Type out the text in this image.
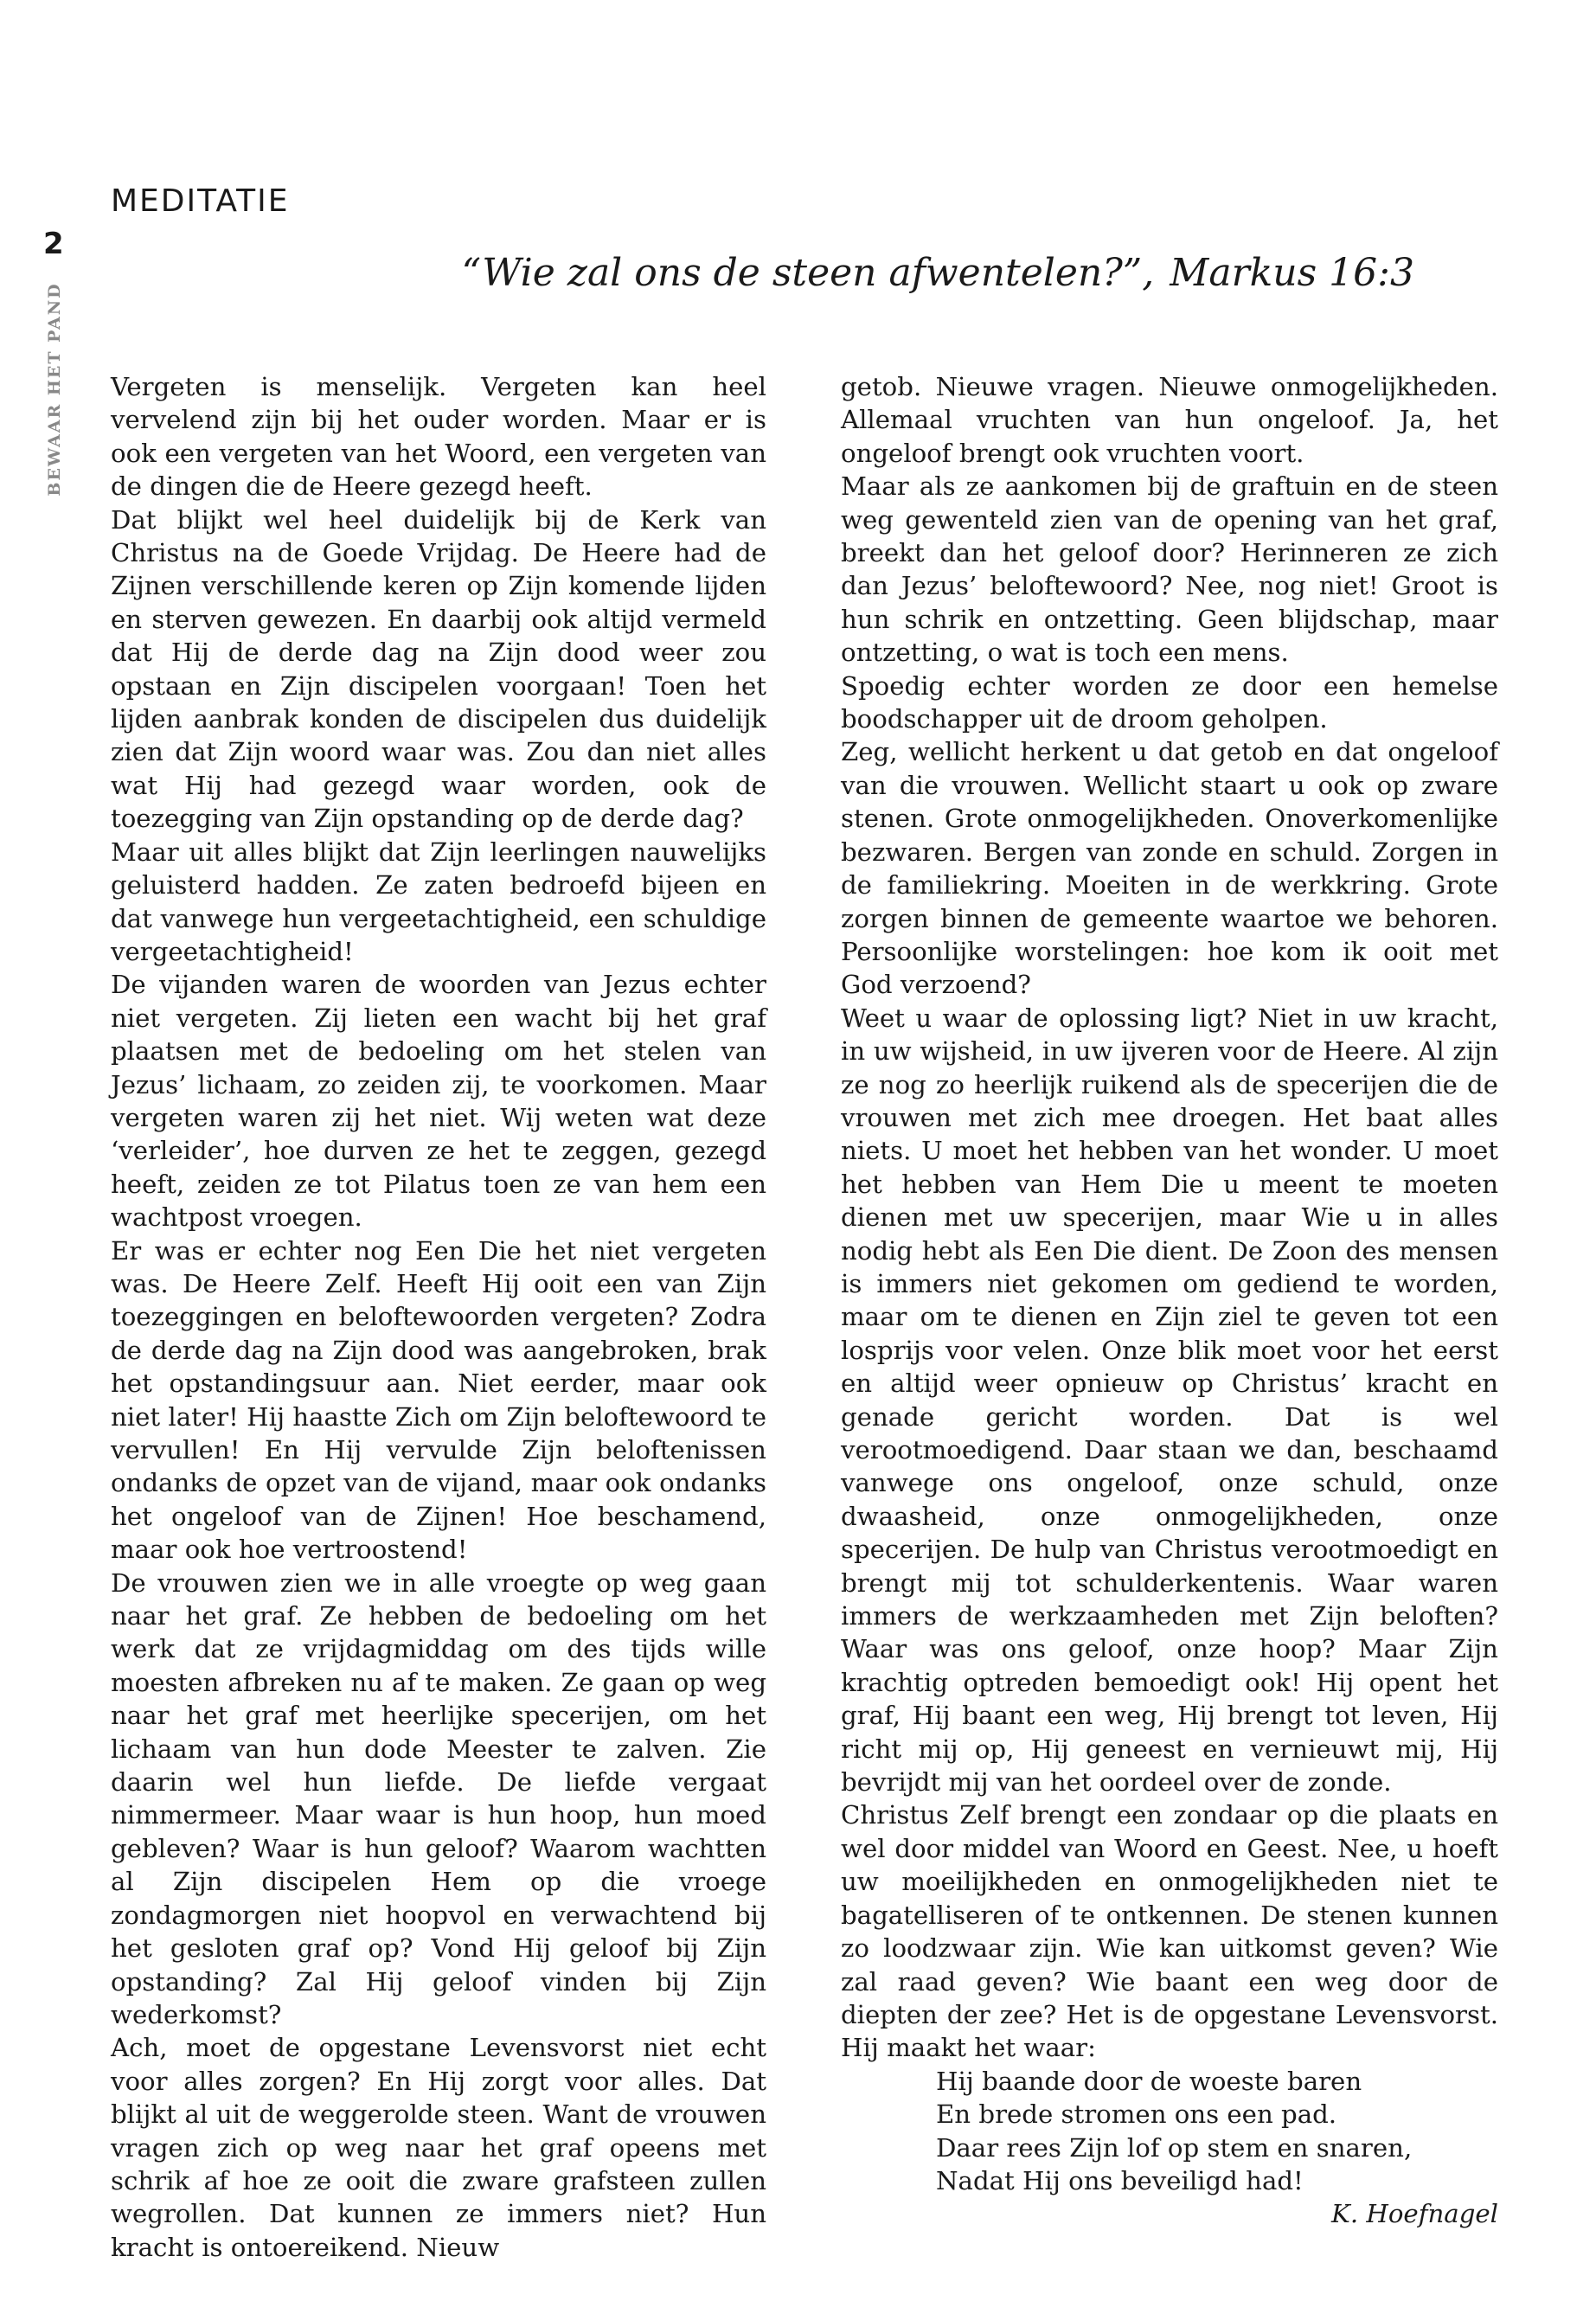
2
BEWAAR HET PAND
MEDITATIE
“Wie zal ons de steen afwentelen?”, Markus 16:3

Vergeten is menselijk. Vergeten kan heel vervelend zijn bij het ouder worden. Maar er is ook een vergeten van het Woord, een vergeten van de dingen die de Heere gezegd heeft.

Dat blijkt wel heel duidelijk bij de Kerk van Christus na de Goede Vrijdag. De Heere had de Zijnen verschillende keren op Zijn komende lijden en sterven gewezen. En daarbij ook altijd vermeld dat Hij de derde dag na Zijn dood weer zou opstaan en Zijn discipelen voorgaan! Toen het lijden aanbrak konden de discipelen dus duidelijk zien dat Zijn woord waar was. Zou dan niet alles wat Hij had gezegd waar worden, ook de toezegging van Zijn opstanding op de derde dag?

Maar uit alles blijkt dat Zijn leerlingen nauwelijks geluisterd hadden. Ze zaten bedroefd bijeen en dat vanwege hun vergeetachtigheid, een schuldige vergeetachtigheid!

De vijanden waren de woorden van Jezus echter niet vergeten. Zij lieten een wacht bij het graf plaatsen met de bedoeling om het stelen van Jezus’ lichaam, zo zeiden zij, te voorkomen. Maar vergeten waren zij het niet. Wij weten wat deze ‘verleider’, hoe durven ze het te zeggen, gezegd heeft, zeiden ze tot Pilatus toen ze van hem een wachtpost vroegen.

Er was er echter nog Een Die het niet vergeten was. De Heere Zelf. Heeft Hij ooit een van Zijn toezeggingen en beloftewoorden vergeten? Zodra de derde dag na Zijn dood was aangebroken, brak het opstandingsuur aan. Niet eerder, maar ook niet later! Hij haastte Zich om Zijn beloftewoord te vervullen! En Hij vervulde Zijn beloftenissen ondanks de opzet van de vijand, maar ook ondanks het ongeloof van de Zijnen! Hoe beschamend, maar ook hoe vertroostend!

De vrouwen zien we in alle vroegte op weg gaan naar het graf. Ze hebben de bedoeling om het werk dat ze vrijdagmiddag om des tijds wille moesten afbreken nu af te maken. Ze gaan op weg naar het graf met heerlijke specerijen, om het lichaam van hun dode Meester te zalven. Zie daarin wel hun liefde. De liefde vergaat nimmermeer. Maar waar is hun hoop, hun moed gebleven? Waar is hun geloof? Waarom wachtten al Zijn discipelen Hem op die vroege zondagmorgen niet hoopvol en verwachtend bij het gesloten graf op? Vond Hij geloof bij Zijn opstanding? Zal Hij geloof vinden bij Zijn wederkomst?

Ach, moet de opgestane Levensvorst niet echt voor alles zorgen? En Hij zorgt voor alles. Dat blijkt al uit de weggerolde steen. Want de vrouwen vragen zich op weg naar het graf opeens met schrik af hoe ze ooit die zware grafsteen zullen wegrollen. Dat kunnen ze immers niet? Hun kracht is ontoereikend. Nieuw

getob. Nieuwe vragen. Nieuwe onmogelijkheden. Allemaal vruchten van hun ongeloof. Ja, het ongeloof brengt ook vruchten voort.

Maar als ze aankomen bij de graftuin en de steen weg gewenteld zien van de opening van het graf, breekt dan het geloof door? Herinneren ze zich dan Jezus’ beloftewoord? Nee, nog niet! Groot is hun schrik en ontzetting. Geen blijdschap, maar ontzetting, o wat is toch een mens.

Spoedig echter worden ze door een hemelse boodschapper uit de droom geholpen.

Zeg, wellicht herkent u dat getob en dat ongeloof van die vrouwen. Wellicht staart u ook op zware stenen. Grote onmogelijkheden. Onoverkomenlijke bezwaren. Bergen van zonde en schuld. Zorgen in de familiekring. Moeiten in de werkkring. Grote zorgen binnen de gemeente waartoe we behoren. Persoonlijke worstelingen: hoe kom ik ooit met God verzoend?

Weet u waar de oplossing ligt? Niet in uw kracht, in uw wijsheid, in uw ijveren voor de Heere. Al zijn ze nog zo heerlijk ruikend als de specerijen die de vrouwen met zich mee droegen. Het baat alles niets. U moet het hebben van het wonder. U moet het hebben van Hem Die u meent te moeten dienen met uw specerijen, maar Wie u in alles nodig hebt als Een Die dient. De Zoon des mensen is immers niet gekomen om gediend te worden, maar om te dienen en Zijn ziel te geven tot een losprijs voor velen. Onze blik moet voor het eerst en altijd weer opnieuw op Christus’ kracht en genade gericht worden. Dat is wel verootmoedigend. Daar staan we dan, beschaamd vanwege ons ongeloof, onze schuld, onze dwaasheid, onze onmogelijkheden, onze specerijen. De hulp van Christus verootmoedigt en brengt mij tot schulderkentenis. Waar waren immers de werkzaamheden met Zijn beloften? Waar was ons geloof, onze hoop? Maar Zijn krachtig optreden bemoedigt ook! Hij opent het graf, Hij baant een weg, Hij brengt tot leven, Hij richt mij op, Hij geneest en vernieuwt mij, Hij bevrijdt mij van het oordeel over de zonde.

Christus Zelf brengt een zondaar op die plaats en wel door middel van Woord en Geest. Nee, u hoeft uw moeilijkheden en onmogelijkheden niet te bagatelliseren of te ontkennen. De stenen kunnen zo loodzwaar zijn. Wie kan uitkomst geven? Wie zal raad geven? Wie baant een weg door de diepten der zee? Het is de opgestane Levensvorst. Hij maakt het waar:

Hij baande door de woeste baren
En brede stromen ons een pad.
Daar rees Zijn lof op stem en snaren,
Nadat Hij ons beveiligd had!

K. Hoefnagel
